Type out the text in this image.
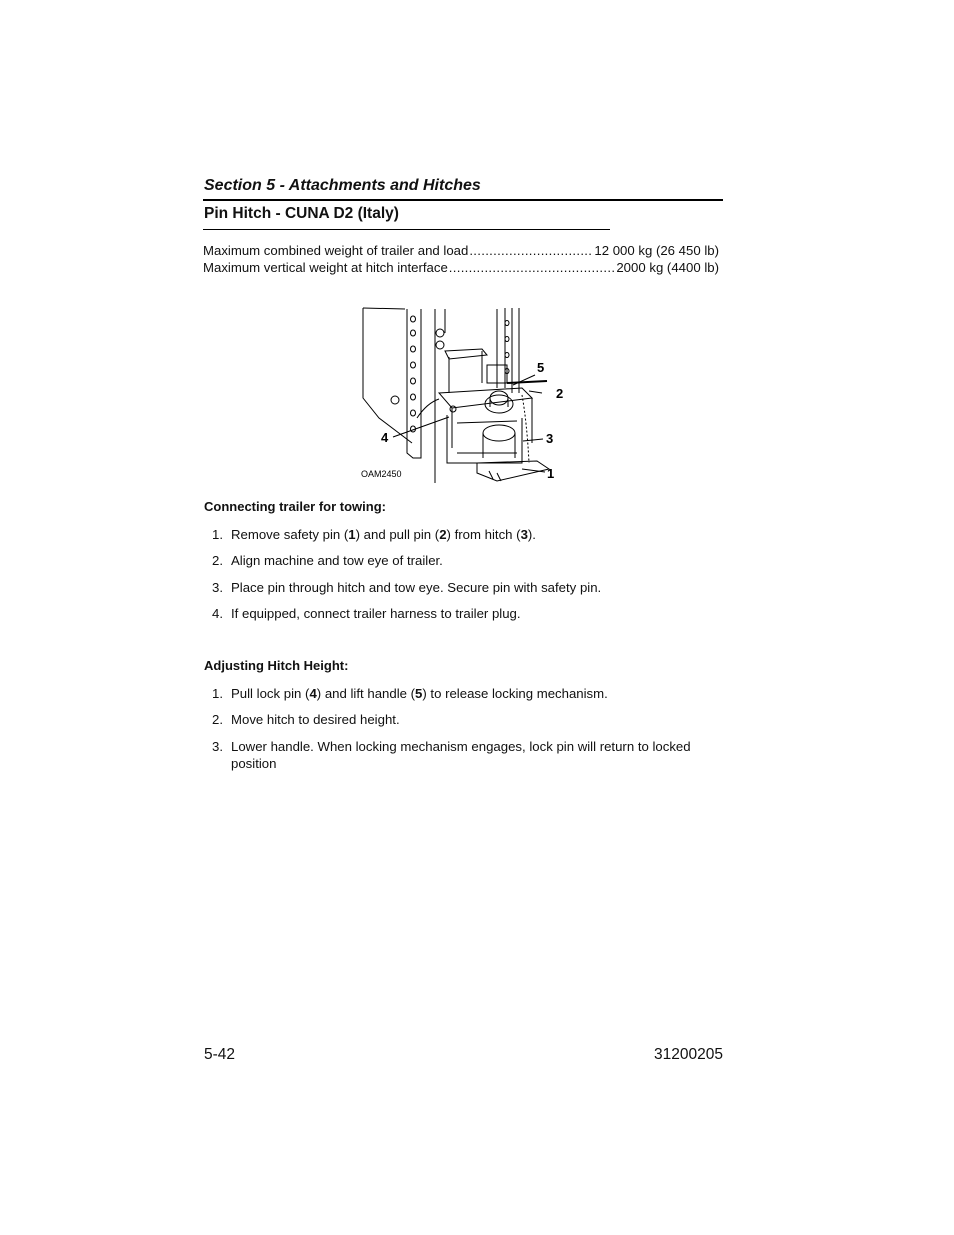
Section 5 - Attachments and Hitches
Pin Hitch - CUNA D2 (Italy)
Maximum combined weight of trailer and load .....	12 000 kg (26 450 lb)
Maximum vertical weight at hitch interface .....	2000 kg (4400 lb)
5
2
4	3
1
OAM2450
Connecting trailer for towing:
1. Remove safety pin (1) and pull pin (2) from hitch (3).
2. Align machine and tow eye of trailer.
3. Place pin through hitch and tow eye. Secure pin with safety pin.
4. If equipped, connect trailer harness to trailer plug.
Adjusting Hitch Height:
1. Pull lock pin (4) and lift handle (5) to release locking mechanism.
2. Move hitch to desired height.
3. Lower handle. When locking mechanism engages, lock pin will return to locked position
5-42	31200205
